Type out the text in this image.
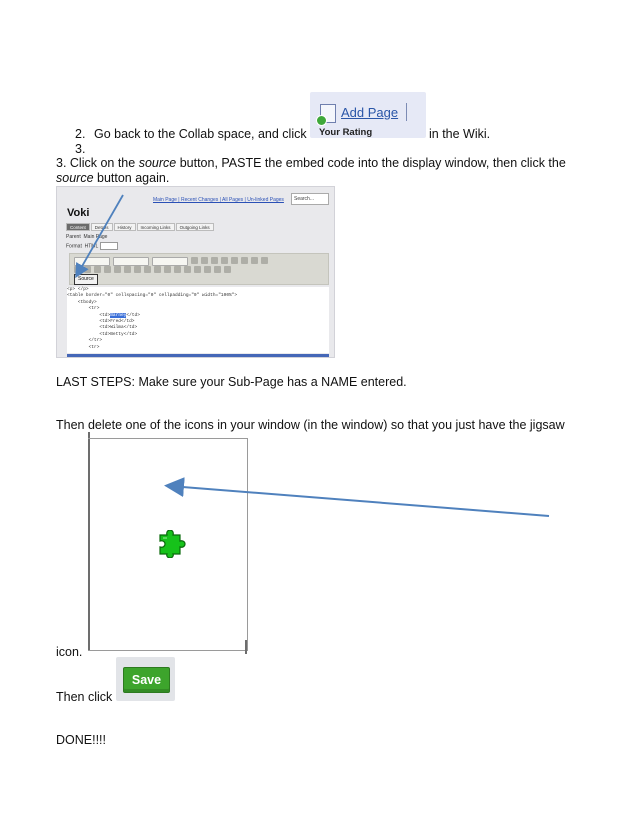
Add Page
Your Rating
2. Go back to the Collab space, and click	in the Wiki.
3.
3. Click on the source button, PASTE the embed code into the display window, then click the
source button again.
Main Page | Recent Changes | All Pages | Un-linked Pages	Search...
Voki
Content	Details	History	Incoming Links	Outgoing Links
Parent Main Page
Format HTML
Source
<p> </p>
<table border="0" cellspacing="0" cellpadding="0" width="100%">
<tbody>
<tr>
<td>Barney</td>
<td>Fred</td>
<td>Wilma</td>
<td>Betty</td>
</tr>
<tr>
LAST STEPS: Make sure your Sub-Page has a NAME entered.
Then delete one of the icons in your window (in the window) so that you just have the jigsaw
icon.
Then click
Save
DONE!!!!
